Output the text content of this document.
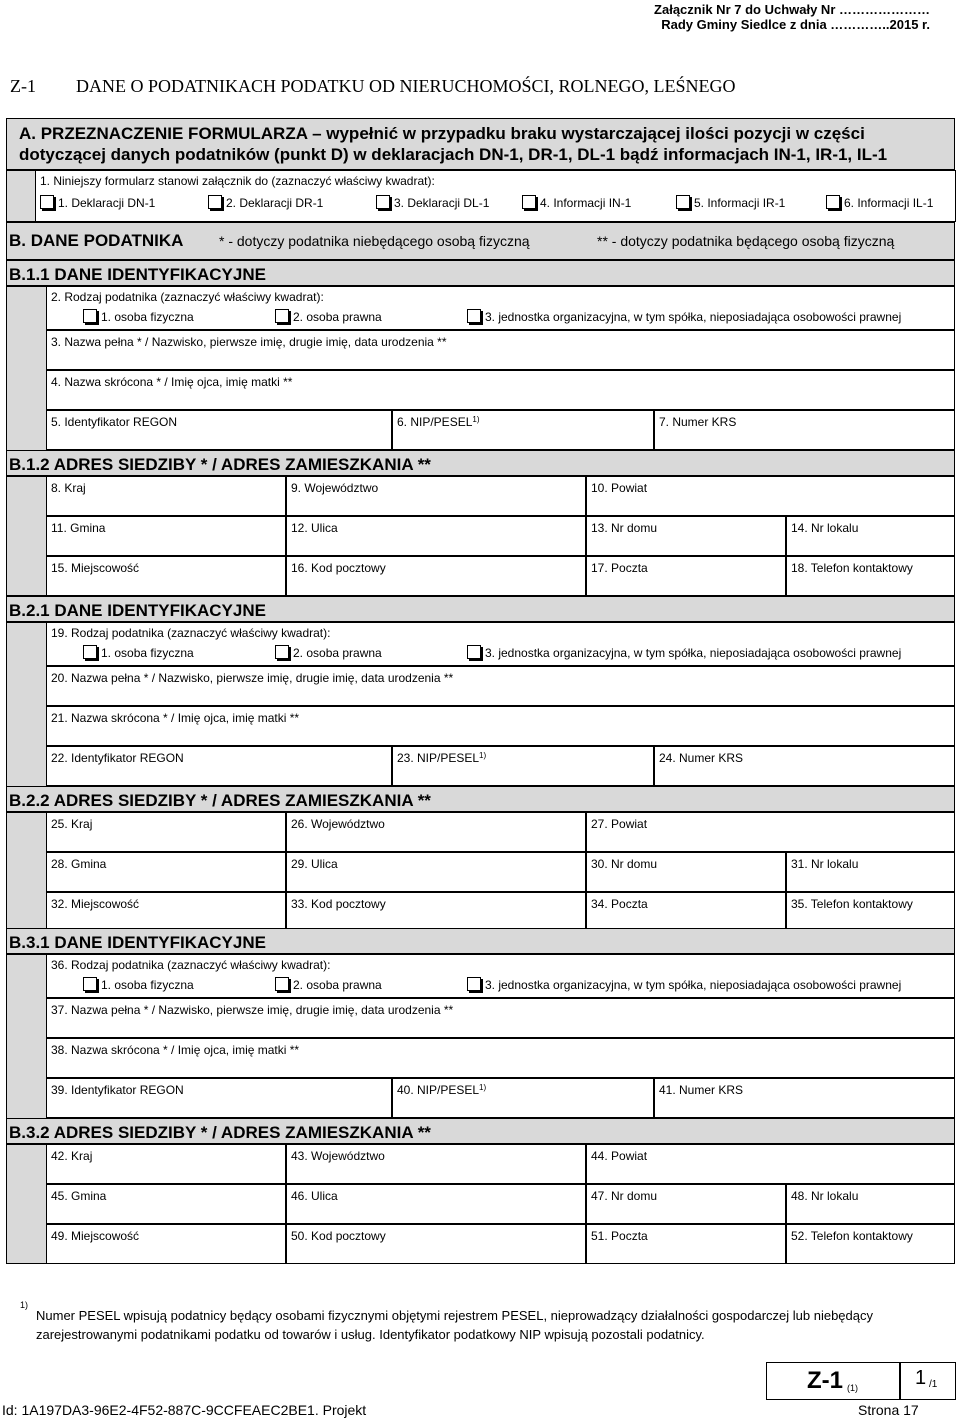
Załącznik Nr 7 do Uchwały Nr …………………
Rady Gminy Siedlce z dnia …………..2015 r.
Z-1 DANE O PODATNIKACH PODATKU OD NIERUCHOMOŚCI, ROLNEGO, LEŚNEGO
A. PRZEZNACZENIE FORMULARZA – wypełnić w przypadku braku wystarczającej ilości pozycji w części dotyczącej danych podatników (punkt D) w deklaracjach DN-1, DR-1, DL-1 bądź informacjach IN-1, IR-1, IL-1
1. Niniejszy formularz stanowi załącznik do (zaznaczyć właściwy kwadrat):
1. Deklaracji DN-1	2. Deklaracji DR-1	3. Deklaracji DL-1	4. Informacji IN-1	5. Informacji IR-1	6. Informacji IL-1
B. DANE PODATNIKA	* - dotyczy podatnika niebędącego osobą fizyczną	** - dotyczy podatnika będącego osobą fizyczną
B.1.1 DANE IDENTYFIKACYJNE
2. Rodzaj podatnika (zaznaczyć właściwy kwadrat):
1. osoba fizyczna	2. osoba prawna	3. jednostka organizacyjna, w tym spółka, nieposiadająca osobowości prawnej
3. Nazwa pełna * / Nazwisko, pierwsze imię, drugie imię, data urodzenia **
4. Nazwa skrócona * / Imię ojca, imię matki **
5. Identyfikator REGON	6. NIP/PESEL$^{1)}$	7. Numer KRS
B.1.2 ADRES SIEDZIBY * / ADRES ZAMIESZKANIA **
8. Kraj	9. Województwo	10. Powiat
11. Gmina	12. Ulica	13. Nr domu	14. Nr lokalu
15. Miejscowość	16. Kod pocztowy	17. Poczta	18. Telefon kontaktowy
B.2.1 DANE IDENTYFIKACYJNE
19. Rodzaj podatnika (zaznaczyć właściwy kwadrat):
1. osoba fizyczna	2. osoba prawna	3. jednostka organizacyjna, w tym spółka, nieposiadająca osobowości prawnej
20. Nazwa pełna * / Nazwisko, pierwsze imię, drugie imię, data urodzenia **
21. Nazwa skrócona * / Imię ojca, imię matki **
22. Identyfikator REGON	23. NIP/PESEL$^{1)}$	24. Numer KRS
B.2.2 ADRES SIEDZIBY * / ADRES ZAMIESZKANIA **
25. Kraj	26. Województwo	27. Powiat
28. Gmina	29. Ulica	30. Nr domu	31. Nr lokalu
32. Miejscowość	33. Kod pocztowy	34. Poczta	35. Telefon kontaktowy
B.3.1 DANE IDENTYFIKACYJNE
36. Rodzaj podatnika (zaznaczyć właściwy kwadrat):
1. osoba fizyczna	2. osoba prawna	3. jednostka organizacyjna, w tym spółka, nieposiadająca osobowości prawnej
37. Nazwa pełna * / Nazwisko, pierwsze imię, drugie imię, data urodzenia **
38. Nazwa skrócona * / Imię ojca, imię matki **
39. Identyfikator REGON	40. NIP/PESEL$^{1)}$	41. Numer KRS
B.3.2 ADRES SIEDZIBY * / ADRES ZAMIESZKANIA **
42. Kraj	43. Województwo	44. Powiat
45. Gmina	46. Ulica	47. Nr domu	48. Nr lokalu
49. Miejscowość	50. Kod pocztowy	51. Poczta	52. Telefon kontaktowy
1)
Numer PESEL wpisują podatnicy będący osobami fizycznymi objętymi rejestrem PESEL, nieprowadzący działalności gospodarczej lub niebędący zarejestrowanymi podatnikami podatku od towarów i usług. Identyfikator podatkowy NIP wpisują pozostali podatnicy.
Z-1 (1)	1 /1
Id: 1A197DA3-96E2-4F52-887C-9CCFEAEC2BE1. Projekt	Strona 17
